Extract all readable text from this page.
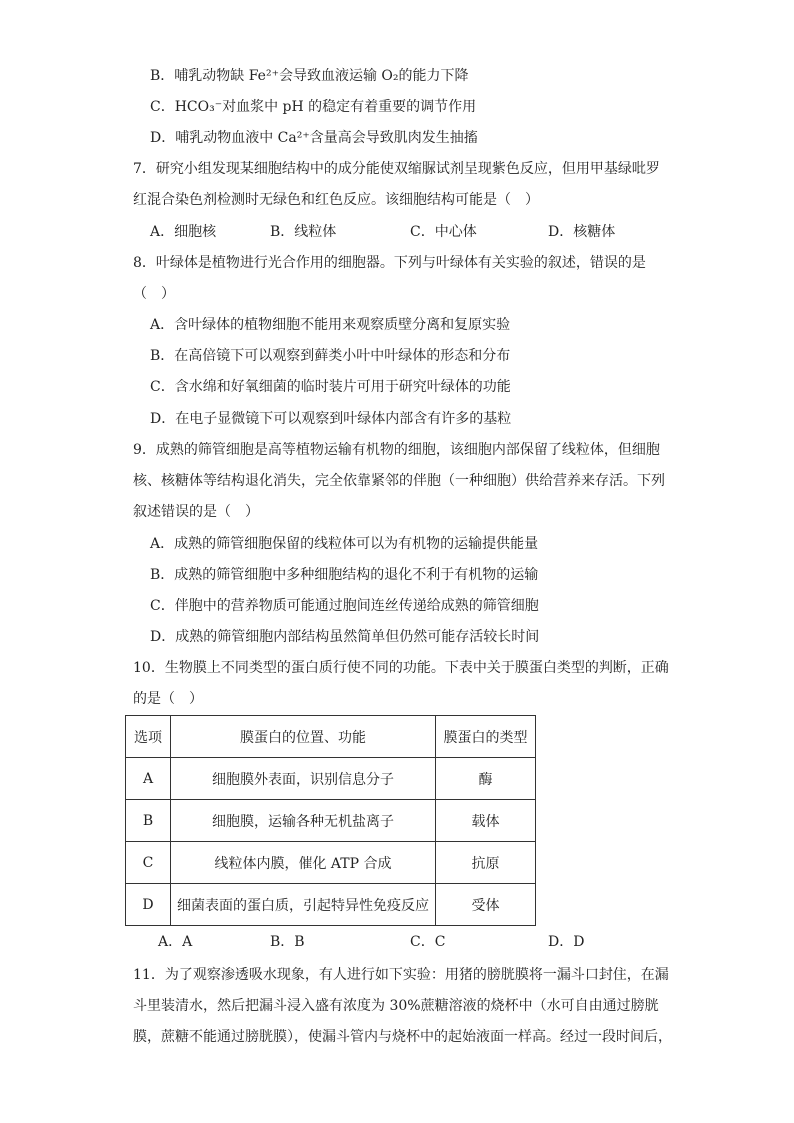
B．哺乳动物缺 Fe²⁺会导致血液运输 O₂的能力下降
C．HCO₃⁻对血浆中 pH 的稳定有着重要的调节作用
D．哺乳动物血液中 Ca²⁺含量高会导致肌肉发生抽搐
7．研究小组发现某细胞结构中的成分能使双缩脲试剂呈现紫色反应，但用甲基绿吡罗
红混合染色剂检测时无绿色和红色反应。该细胞结构可能是（　）
A．细胞核	B．线粒体	C．中心体	D．核糖体
8．叶绿体是植物进行光合作用的细胞器。下列与叶绿体有关实验的叙述，错误的是
（　）
A．含叶绿体的植物细胞不能用来观察质壁分离和复原实验
B．在高倍镜下可以观察到藓类小叶中叶绿体的形态和分布
C．含水绵和好氧细菌的临时装片可用于研究叶绿体的功能
D．在电子显微镜下可以观察到叶绿体内部含有许多的基粒
9．成熟的筛管细胞是高等植物运输有机物的细胞，该细胞内部保留了线粒体，但细胞
核、核糖体等结构退化消失，完全依靠紧邻的伴胞（一种细胞）供给营养来存活。下列
叙述错误的是（　）
A．成熟的筛管细胞保留的线粒体可以为有机物的运输提供能量
B．成熟的筛管细胞中多种细胞结构的退化不利于有机物的运输
C．伴胞中的营养物质可能通过胞间连丝传递给成熟的筛管细胞
D．成熟的筛管细胞内部结构虽然简单但仍然可能存活较长时间
10．生物膜上不同类型的蛋白质行使不同的功能。下表中关于膜蛋白类型的判断，正确
的是（　）
选项	膜蛋白的位置、功能	膜蛋白的类型
A	细胞膜外表面，识别信息分子	酶
B	细胞膜，运输各种无机盐离子	载体
C	线粒体内膜，催化 ATP 合成	抗原
D	细菌表面的蛋白质，引起特异性免疫反应	受体
A．A	B．B	C．C	D．D
11．为了观察渗透吸水现象，有人进行如下实验：用猪的膀胱膜将一漏斗口封住，在漏
斗里装清水，然后把漏斗浸入盛有浓度为 30%蔗糖溶液的烧杯中（水可自由通过膀胱
膜，蔗糖不能通过膀胱膜），使漏斗管内与烧杯中的起始液面一样高。经过一段时间后，
